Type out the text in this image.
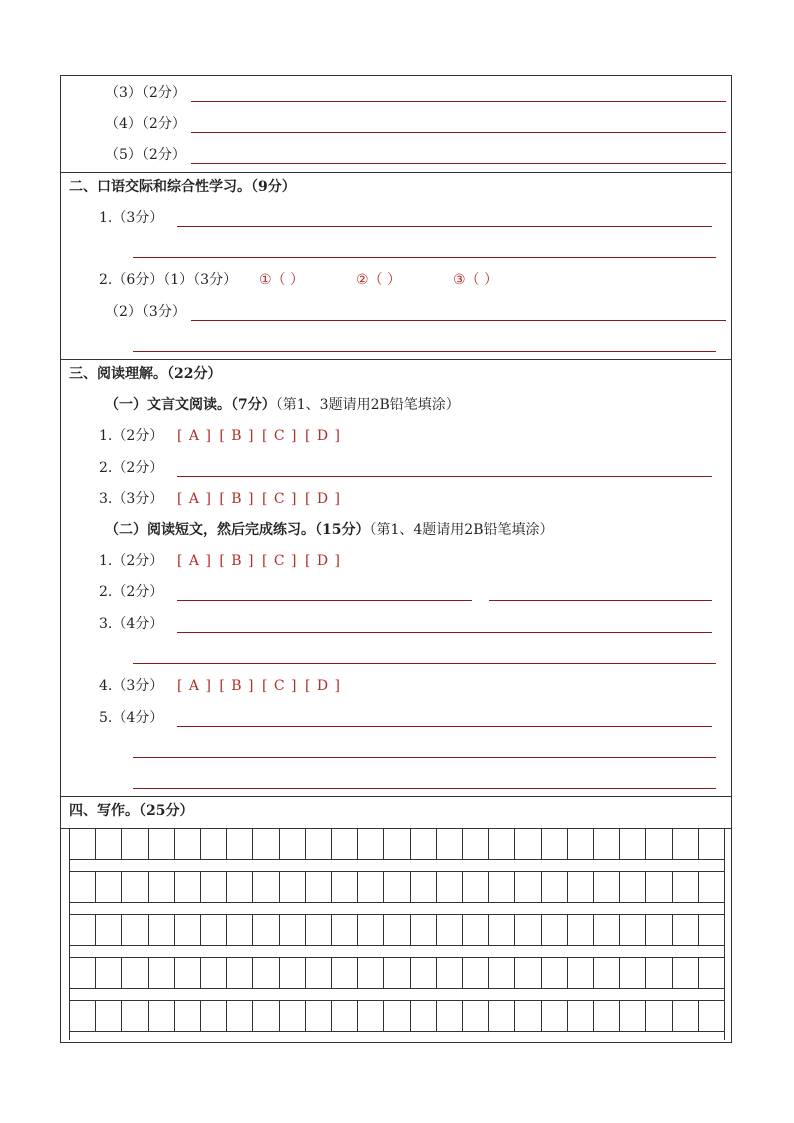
（3）（2分）
（4）（2分）
（5）（2分）
二、口语交际和综合性学习。（9分）
1.（3分）
2.（6分）（1）（3分） ①（ ）	②（ ）	③（ ）
（2）（3分）
三、阅读理解。（22分）
（一）文言文阅读。（7分）（第1、3题请用2B铅笔填涂）
1.（2分） [ A ] [ B ] [ C ] [ D ]
2.（2分）
3.（3分） [ A ] [ B ] [ C ] [ D ]
（二）阅读短文，然后完成练习。（15分）（第1、4题请用2B铅笔填涂）
1.（2分） [ A ] [ B ] [ C ] [ D ]
2.（2分）
3.（4分）
4.（3分） [ A ] [ B ] [ C ] [ D ]
5.（4分）
四、写作。（25分）
